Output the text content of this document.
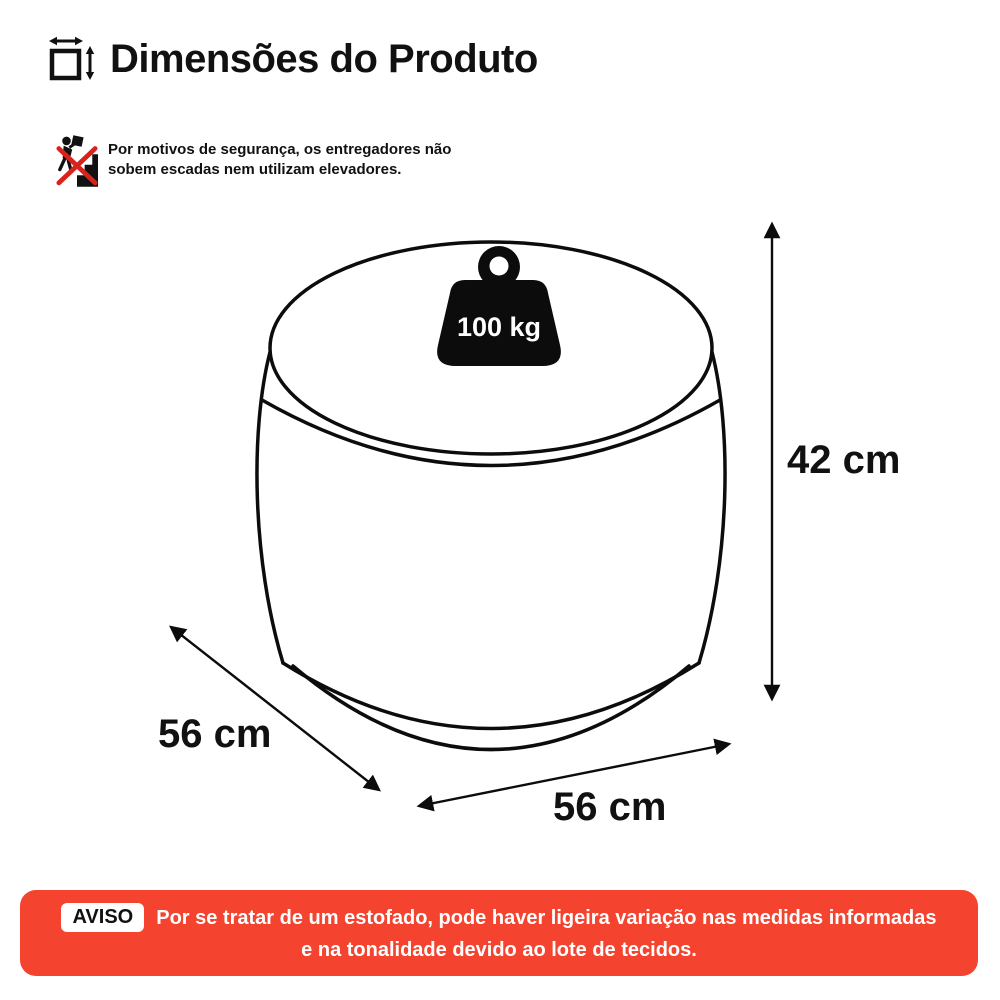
Dimensões do Produto
Por motivos de segurança, os entregadores não
sobem escadas nem utilizam elevadores.
100 kg
42 cm
56 cm
56 cm
AVISO	Por se tratar de um estofado, pode haver ligeira variação nas medidas informadas
e na tonalidade devido ao lote de tecidos.
